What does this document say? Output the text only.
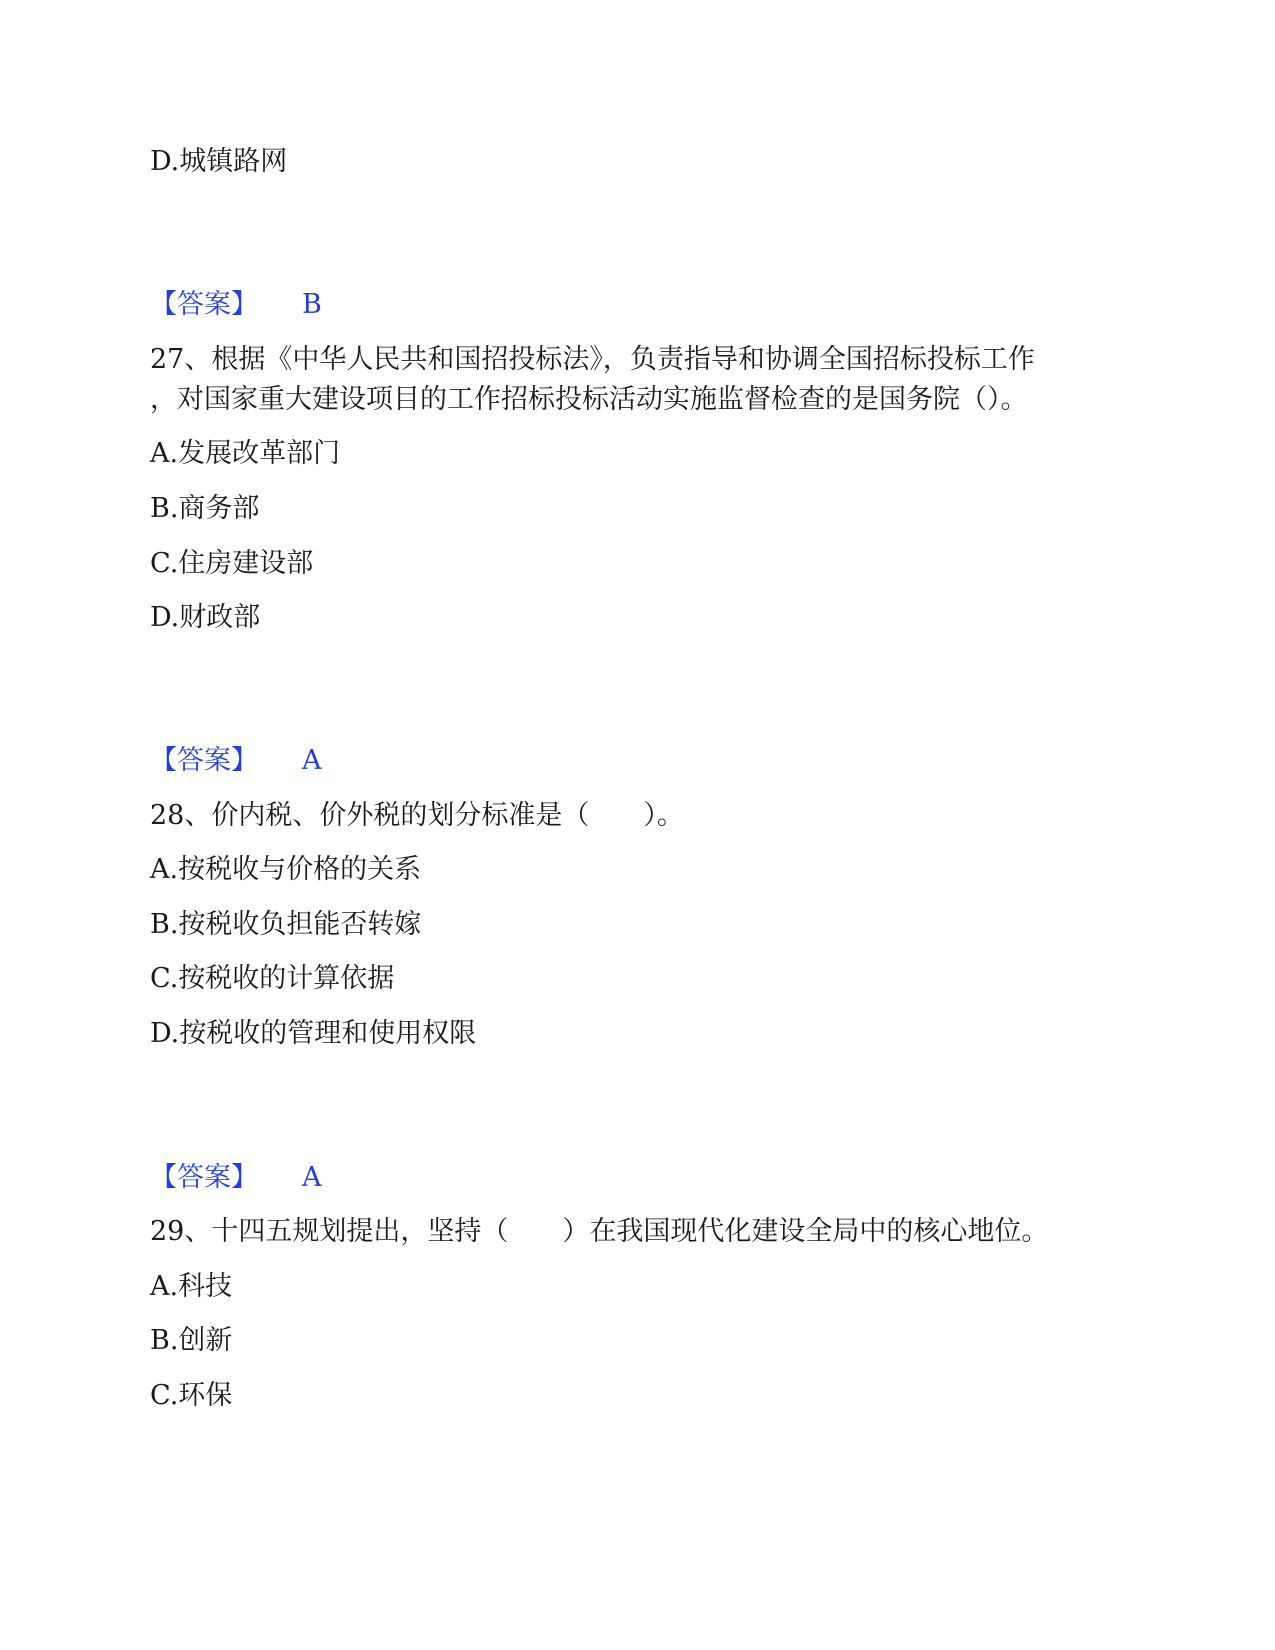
D.城镇路网
【答案】 B
27、根据《中华人民共和国招投标法》，负责指导和协调全国招标投标工作
，对国家重大建设项目的工作招标投标活动实施监督检查的是国务院（）。
A.发展改革部门
B.商务部
C.住房建设部
D.财政部
【答案】 A
28、价内税、价外税的划分标准是（　　）。
A.按税收与价格的关系
B.按税收负担能否转嫁
C.按税收的计算依据
D.按税收的管理和使用权限
【答案】 A
29、十四五规划提出，坚持（　　）在我国现代化建设全局中的核心地位。
A.科技
B.创新
C.环保
